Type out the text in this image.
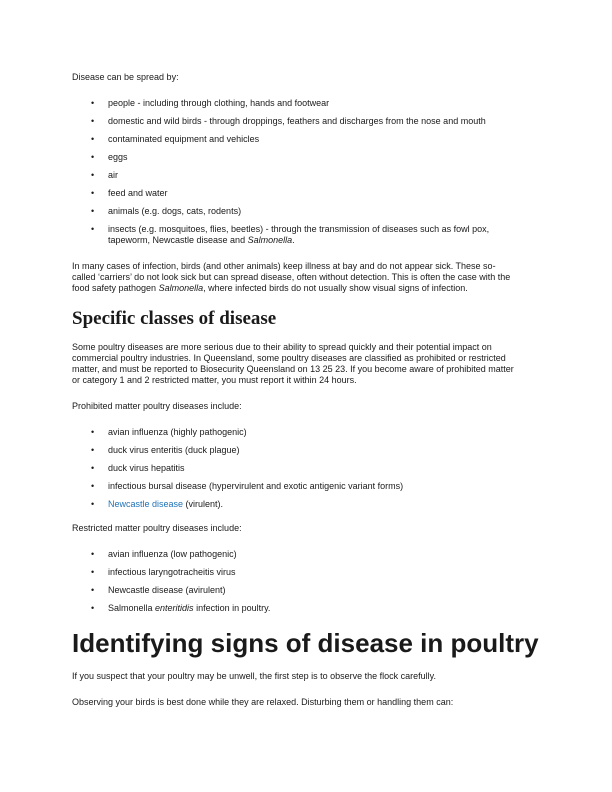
Disease can be spread by:

• people - including through clothing, hands and footwear
• domestic and wild birds - through droppings, feathers and discharges from the nose and mouth
• contaminated equipment and vehicles
• eggs
• air
• feed and water
• animals (e.g. dogs, cats, rodents)
• insects (e.g. mosquitoes, flies, beetles) - through the transmission of diseases such as fowl pox,
tapeworm, Newcastle disease and Salmonella.

In many cases of infection, birds (and other animals) keep illness at bay and do not appear sick. These so-
called ‘carriers’ do not look sick but can spread disease, often without detection. This is often the case with the
food safety pathogen Salmonella, where infected birds do not usually show visual signs of infection.

Specific classes of disease

Some poultry diseases are more serious due to their ability to spread quickly and their potential impact on
commercial poultry industries. In Queensland, some poultry diseases are classified as prohibited or restricted
matter, and must be reported to Biosecurity Queensland on 13 25 23. If you become aware of prohibited matter
or category 1 and 2 restricted matter, you must report it within 24 hours.

Prohibited matter poultry diseases include:

• avian influenza (highly pathogenic)
• duck virus enteritis (duck plague)
• duck virus hepatitis
• infectious bursal disease (hypervirulent and exotic antigenic variant forms)
• Newcastle disease (virulent).

Restricted matter poultry diseases include:

• avian influenza (low pathogenic)
• infectious laryngotracheitis virus
• Newcastle disease (avirulent)
• Salmonella enteritidis infection in poultry.
Identifying signs of disease in poultry

If you suspect that your poultry may be unwell, the first step is to observe the flock carefully.

Observing your birds is best done while they are relaxed. Disturbing them or handling them can:
